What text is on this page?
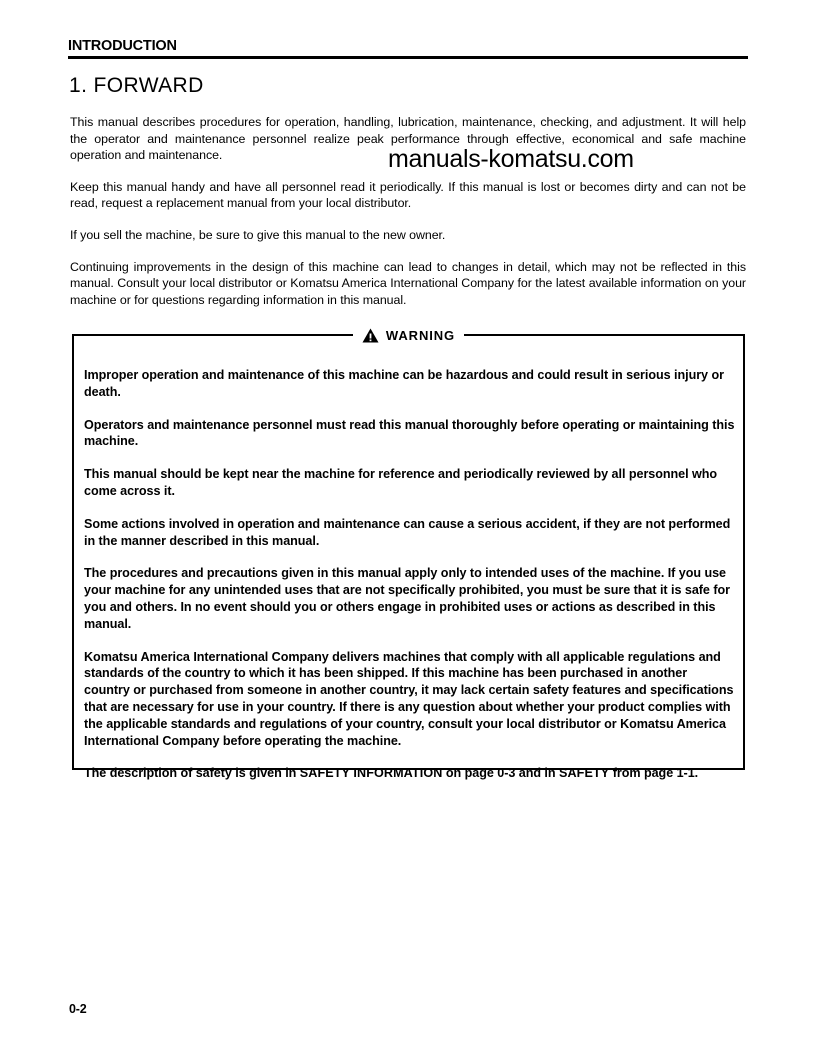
INTRODUCTION
1. FORWARD

This manual describes procedures for operation, handling, lubrication, maintenance, checking, and adjustment. It will help the operator and maintenance personnel realize peak performance through effective, economical and safe machine operation and maintenance.

Keep this manual handy and have all personnel read it periodically. If this manual is lost or becomes dirty and can not be read, request a replacement manual from your local distributor.

If you sell the machine, be sure to give this manual to the new owner.

Continuing improvements in the design of this machine can lead to changes in detail, which may not be reflected in this manual. Consult your local distributor or Komatsu America International Company for the latest available information on your machine or for questions regarding information in this manual.

manuals-komatsu.com
WARNING

Improper operation and maintenance of this machine can be hazardous and could result in serious injury or death.

Operators and maintenance personnel must read this manual thoroughly before operating or maintaining this machine.

This manual should be kept near the machine for reference and periodically reviewed by all personnel who come across it.

Some actions involved in operation and maintenance can cause a serious accident, if they are not performed in the manner described in this manual.

The procedures and precautions given in this manual apply only to intended uses of the machine. If you use your machine for any unintended uses that are not specifically prohibited, you must be sure that it is safe for you and others. In no event should you or others engage in prohibited uses or actions as described in this manual.

Komatsu America International Company delivers machines that comply with all applicable regulations and standards of the country to which it has been shipped. If this machine has been purchased in another country or purchased from someone in another country, it may lack certain safety features and specifications that are necessary for use in your country. If there is any question about whether your product complies with the applicable standards and regulations of your country, consult your local distributor or Komatsu America International Company before operating the machine.

The description of safety is given in SAFETY INFORMATION on page 0-3 and in SAFETY from page 1-1.

0-2
